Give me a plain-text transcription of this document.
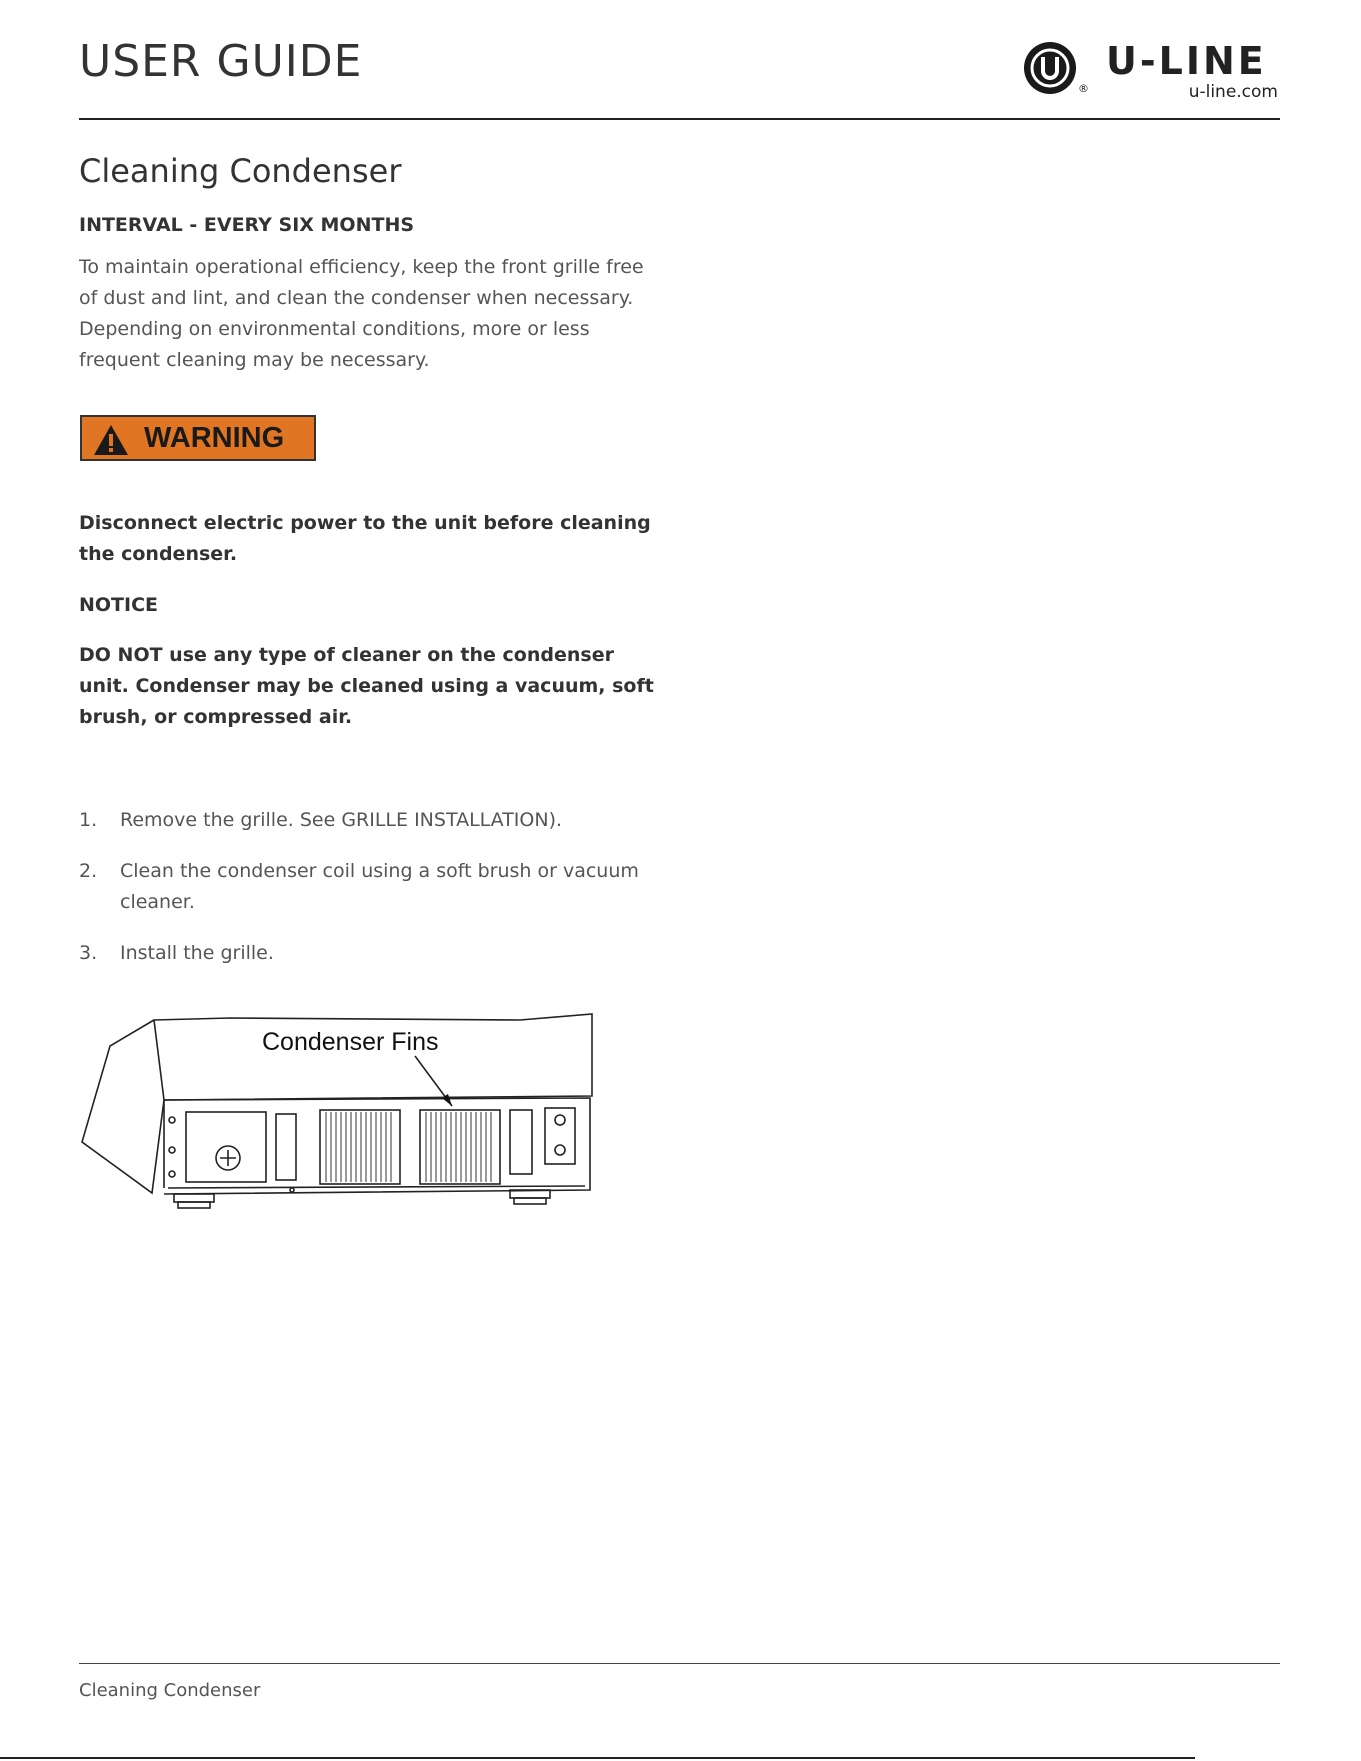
USER GUIDE
®
U-LINE
u-line.com
Cleaning Condenser
INTERVAL - EVERY SIX MONTHS
To maintain operational efficiency, keep the front grille free of dust and lint, and clean the condenser when necessary. Depending on environmental conditions, more or less frequent cleaning may be necessary.
WARNING
Disconnect electric power to the unit before cleaning the condenser.
NOTICE
DO NOT use any type of cleaner on the condenser unit. Condenser may be cleaned using a vacuum, soft brush, or compressed air.
1. Remove the grille. See GRILLE INSTALLATION).
2. Clean the condenser coil using a soft brush or vacuum cleaner.
3. Install the grille.
Condenser Fins
Cleaning Condenser
